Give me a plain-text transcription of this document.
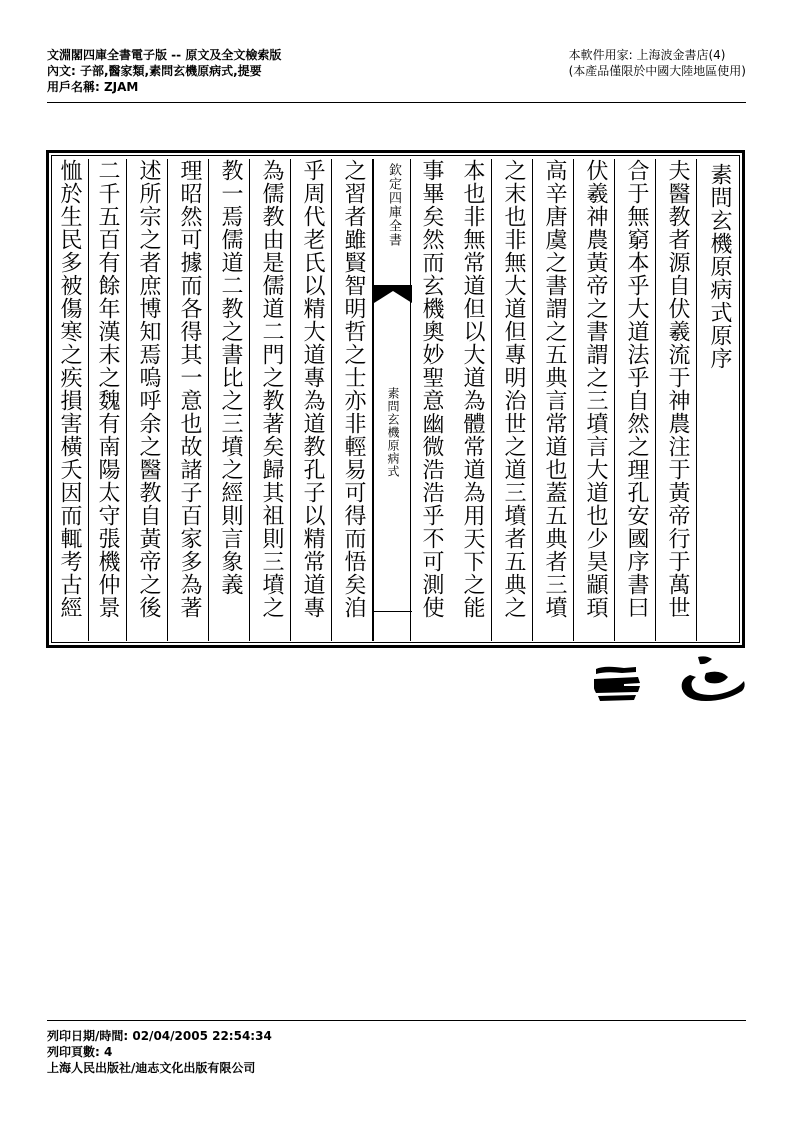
文淵閣四庫全書電子版 -- 原文及全文檢索版
內文: 子部,醫家類,素問玄機原病式,提要
用戶名稱: ZJAM
本軟件用家: 上海波金書店(4)
(本產品僅限於中國大陸地區使用)
素問玄機原病式原序
夫醫教者源自伏羲流于神農注于黃帝行于萬世
合于無窮本乎大道法乎自然之理孔安國序書曰
伏羲神農黃帝之書謂之三墳言大道也少昊顓頊
高辛唐虞之書謂之五典言常道也蓋五典者三墳
之末也非無大道但專明治世之道三墳者五典之
本也非無常道但以大道為體常道為用天下之能
事畢矣然而玄機奧妙聖意幽微浩浩乎不可測使
欽定四庫全書
素問玄機原病式
之習者雖賢智明哲之士亦非輕易可得而悟矣洎
乎周代老氏以精大道專為道教孔子以精常道專
為儒教由是儒道二門之教著矣歸其祖則三墳之
教一焉儒道二教之書比之三墳之經則言象義
理昭然可據而各得其一意也故諸子百家多為著
述所宗之者庶博知焉嗚呼余之醫教自黃帝之後
二千五百有餘年漢末之魏有南陽太守張機仲景
恤於生民多被傷寒之疾損害橫夭因而輒考古經
列印日期/時間: 02/04/2005 22:54:34
列印頁數: 4
上海人民出版社/迪志文化出版有限公司
